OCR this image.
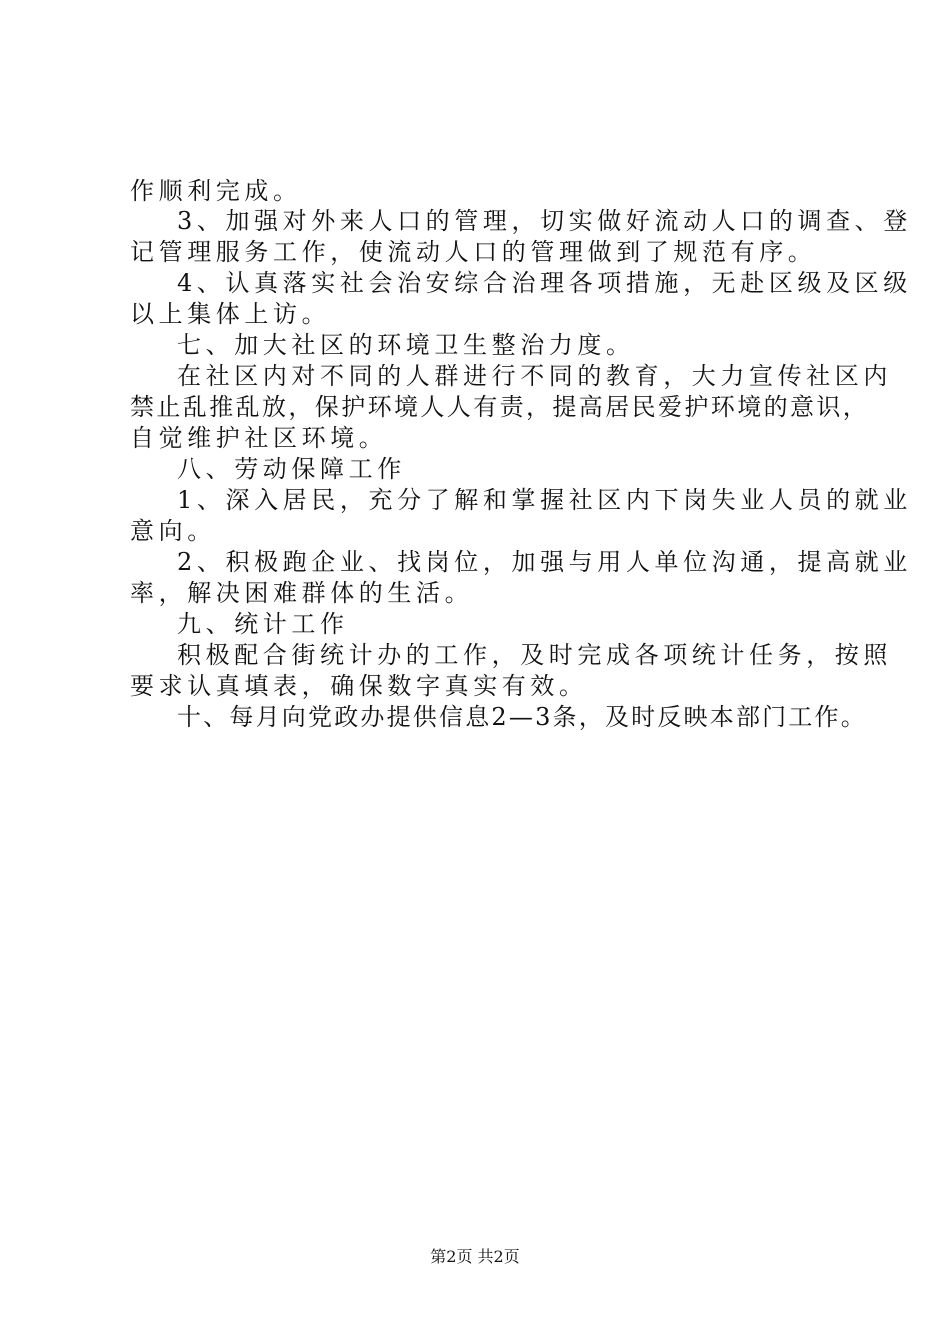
作顺利完成。
3、加强对外来人口的管理，切实做好流动人口的调查、登
记管理服务工作，使流动人口的管理做到了规范有序。
4、认真落实社会治安综合治理各项措施，无赴区级及区级
以上集体上访。
七、加大社区的环境卫生整治力度。
在社区内对不同的人群进行不同的教育，大力宣传社区内
禁止乱推乱放，保护环境人人有责，提高居民爱护环境的意识，
自觉维护社区环境。
八、劳动保障工作
1、深入居民，充分了解和掌握社区内下岗失业人员的就业
意向。
2、积极跑企业、找岗位，加强与用人单位沟通，提高就业
率，解决困难群体的生活。
九、统计工作
积极配合街统计办的工作，及时完成各项统计任务，按照
要求认真填表，确保数字真实有效。
十、每月向党政办提供信息2—3条，及时反映本部门工作。
第2页 共2页
